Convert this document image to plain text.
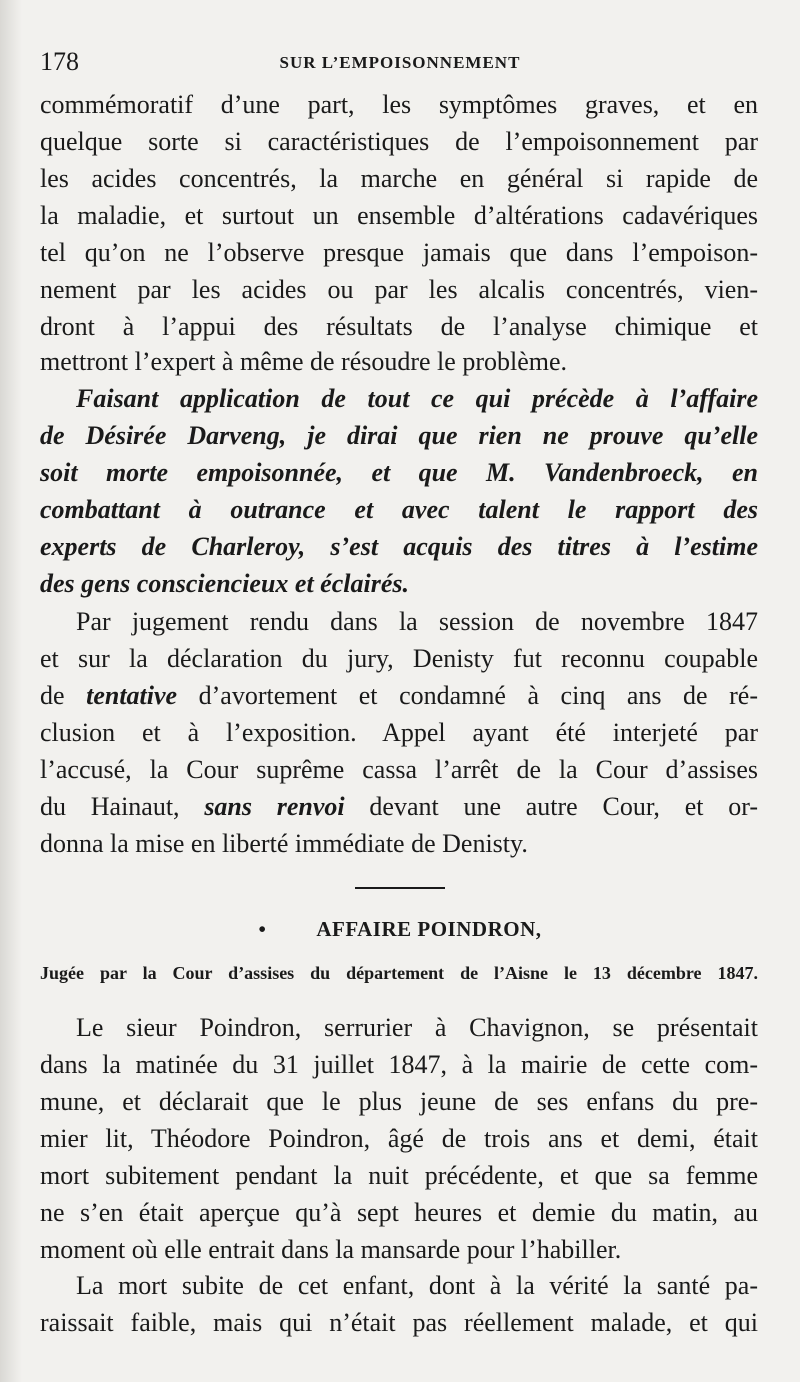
178	SUR L’EMPOISONNEMENT

commémoratif d’une part, les symptômes graves, et en

quelque sorte si caractéristiques de l’empoisonnement par

les acides concentrés, la marche en général si rapide de

la maladie, et surtout un ensemble d’altérations cadavériques

tel qu’on ne l’observe presque jamais que dans l’empoison-

nement par les acides ou par les alcalis concentrés, vien-

dront à l’appui des résultats de l’analyse chimique et

mettront l’expert à même de résoudre le problème.

Faisant application de tout ce qui précède à l’affaire

de Désirée Darveng, je dirai que rien ne prouve qu’elle

soit morte empoisonnée, et que M. Vandenbroeck, en

combattant à outrance et avec talent le rapport des

experts de Charleroy, s’est acquis des titres à l’estime

des gens consciencieux et éclairés.

Par jugement rendu dans la session de novembre 1847

et sur la déclaration du jury, Denisty fut reconnu coupable

de tentative d’avortement et condamné à cinq ans de ré-

clusion et à l’exposition. Appel ayant été interjeté par

l’accusé, la Cour suprême cassa l’arrêt de la Cour d’assises

du Hainaut, sans renvoi devant une autre Cour, et or-

donna la mise en liberté immédiate de Denisty.

• AFFAIRE POINDRON,
Jugée par la Cour d’assises du département de l’Aisne le 13 décembre 1847.

Le sieur Poindron, serrurier à Chavignon, se présentait

dans la matinée du 31 juillet 1847, à la mairie de cette com-

mune, et déclarait que le plus jeune de ses enfans du pre-

mier lit, Théodore Poindron, âgé de trois ans et demi, était

mort subitement pendant la nuit précédente, et que sa femme

ne s’en était aperçue qu’à sept heures et demie du matin, au

moment où elle entrait dans la mansarde pour l’habiller.

La mort subite de cet enfant, dont à la vérité la santé pa-

raissait faible, mais qui n’était pas réellement malade, et qui
